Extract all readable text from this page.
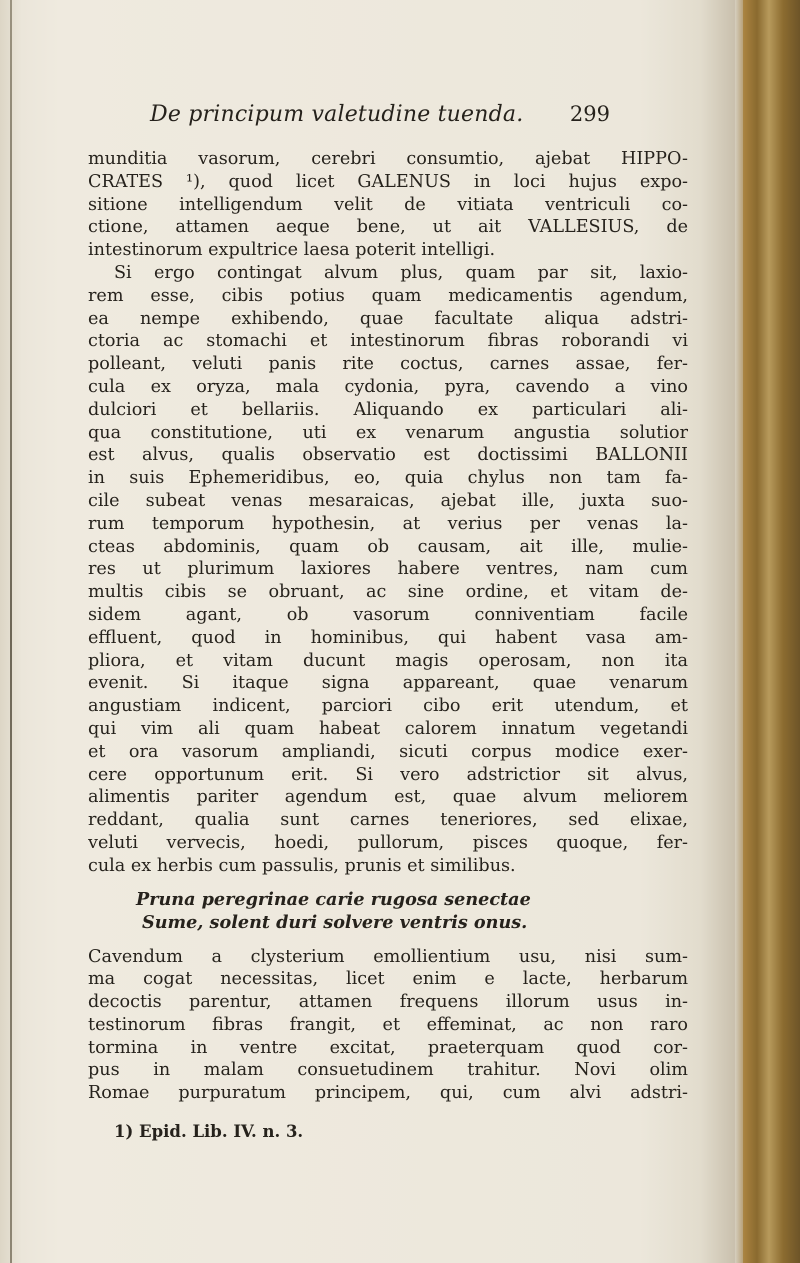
De principum valetudine tuenda. 299
munditia vasorum, cerebri consumtio, ajebat HIPPO-
CRATES ¹), quod licet GALENUS in loci hujus expo-
sitione intelligendum velit de vitiata ventriculi co-
ctione, attamen aeque bene, ut ait VALLESIUS, de
intestinorum expultrice laesa poterit intelligi.
Si ergo contingat alvum plus, quam par sit, laxio-
rem esse, cibis potius quam medicamentis agendum,
ea nempe exhibendo, quae facultate aliqua adstri-
ctoria ac stomachi et intestinorum fibras roborandi vi
polleant, veluti panis rite coctus, carnes assae, fer-
cula ex oryza, mala cydonia, pyra, cavendo a vino
dulciori et bellariis. Aliquando ex particulari ali-
qua constitutione, uti ex venarum angustia solutior
est alvus, qualis observatio est doctissimi BALLONII
in suis Ephemeridibus, eo, quia chylus non tam fa-
cile subeat venas mesaraicas, ajebat ille, juxta suo-
rum temporum hypothesin, at verius per venas la-
cteas abdominis, quam ob causam, ait ille, mulie-
res ut plurimum laxiores habere ventres, nam cum
multis cibis se obruant, ac sine ordine, et vitam de-
sidem agant, ob vasorum conniventiam facile
effluent, quod in hominibus, qui habent vasa am-
pliora, et vitam ducunt magis operosam, non ita
evenit. Si itaque signa appareant, quae venarum
angustiam indicent, parciori cibo erit utendum, et
qui vim ali quam habeat calorem innatum vegetandi
et ora vasorum ampliandi, sicuti corpus modice exer-
cere opportunum erit. Si vero adstrictior sit alvus,
alimentis pariter agendum est, quae alvum meliorem
reddant, qualia sunt carnes teneriores, sed elixae,
veluti vervecis, hoedi, pullorum, pisces quoque, fer-
cula ex herbis cum passulis, prunis et similibus.
Pruna peregrinae carie rugosa senectae
Sume, solent duri solvere ventris onus.
Cavendum a clysterium emollientium usu, nisi sum-
ma cogat necessitas, licet enim e lacte, herbarum
decoctis parentur, attamen frequens illorum usus in-
testinorum fibras frangit, et effeminat, ac non raro
tormina in ventre excitat, praeterquam quod cor-
pus in malam consuetudinem trahitur. Novi olim
Romae purpuratum principem, qui, cum alvi adstri-
1) Epid. Lib. IV. n. 3.
